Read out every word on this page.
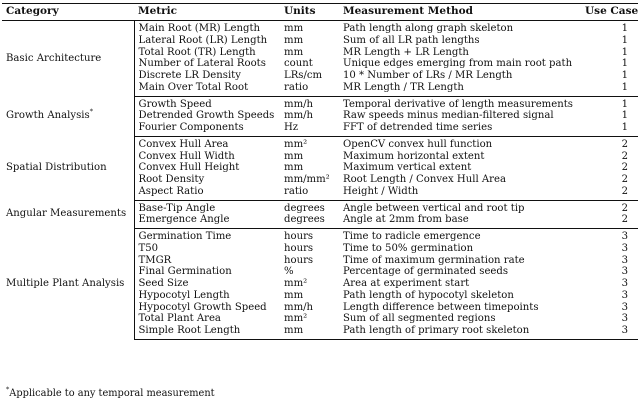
Category	Metric	Units	Measurement Method	Use Case
Basic Architecture	Main Root (MR) Length	mm	Path length along graph skeleton	1
	Lateral Root (LR) Length	mm	Sum of all LR path lengths	1
	Total Root (TR) Length	mm	MR Length + LR Length	1
	Number of Lateral Roots	count	Unique edges emerging from main root path	1
	Discrete LR Density	LRs/cm	10 * Number of LRs / MR Length	1
	Main Over Total Root	ratio	MR Length / TR Length	1
Growth Analysis*	Growth Speed	mm/h	Temporal derivative of length measurements	1
	Detrended Growth Speeds	mm/h	Raw speeds minus median-filtered signal	1
	Fourier Components	Hz	FFT of detrended time series	1
Spatial Distribution	Convex Hull Area	mm²	OpenCV convex hull function	2
	Convex Hull Width	mm	Maximum horizontal extent	2
	Convex Hull Height	mm	Maximum vertical extent	2
	Root Density	mm/mm²	Root Length / Convex Hull Area	2
	Aspect Ratio	ratio	Height / Width	2
Angular Measurements	Base-Tip Angle	degrees	Angle between vertical and root tip	2
	Emergence Angle	degrees	Angle at 2mm from base	2
Multiple Plant Analysis	Germination Time	hours	Time to radicle emergence	3
	T50	hours	Time to 50% germination	3
	TMGR	hours	Time of maximum germination rate	3
	Final Germination	%	Percentage of germinated seeds	3
	Seed Size	mm²	Area at experiment start	3
	Hypocotyl Length	mm	Path length of hypocotyl skeleton	3
	Hypocotyl Growth Speed	mm/h	Length difference between timepoints	3
	Total Plant Area	mm²	Sum of all segmented regions	3
	Simple Root Length	mm	Path length of primary root skeleton	3
*Applicable to any temporal measurement
